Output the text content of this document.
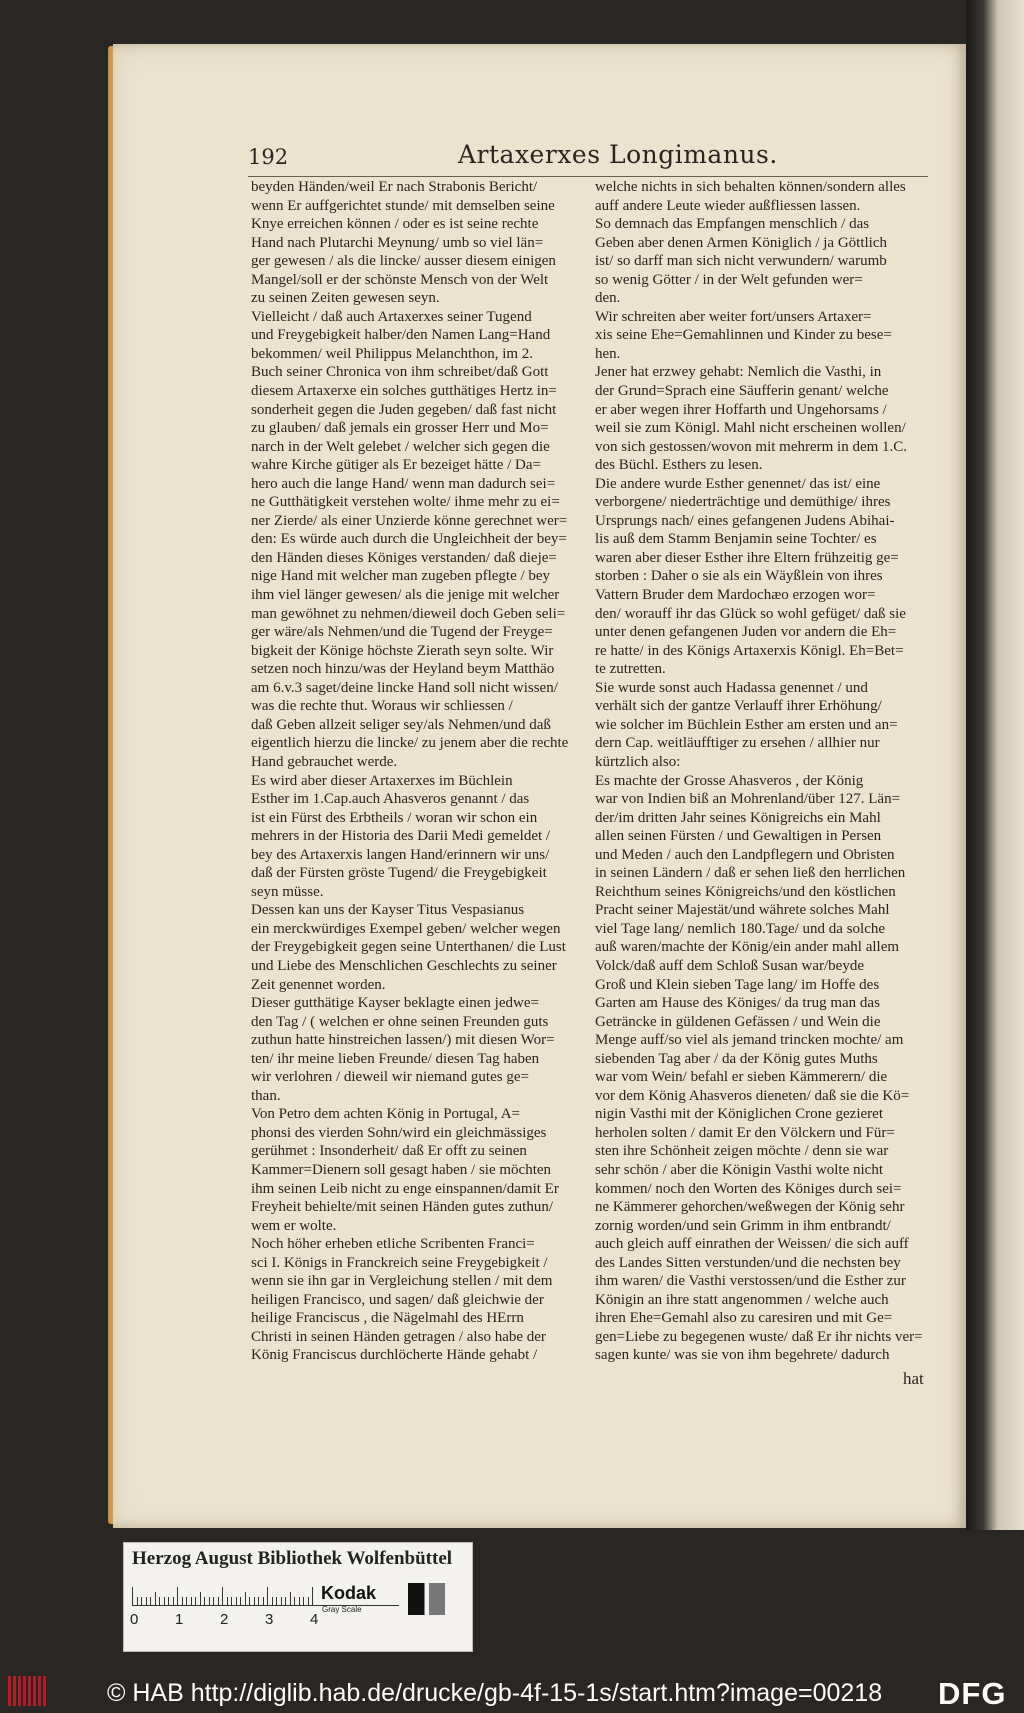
192	Artaxerxes Longimanus.
beyden Händen/weil Er nach Strabonis Bericht/
wenn Er auffgerichtet stunde/ mit demselben seine
Knye erreichen können / oder es ist seine rechte
Hand nach Plutarchi Meynung/ umb so viel län=
ger gewesen / als die lincke/ ausser diesem einigen
Mangel/soll er der schönste Mensch von der Welt
zu seinen Zeiten gewesen seyn.
Vielleicht / daß auch Artaxerxes seiner Tugend
und Freygebigkeit halber/den Namen Lang=Hand
bekommen/ weil Philippus Melanchthon, im 2.
Buch seiner Chronica von ihm schreibet/daß Gott
diesem Artaxerxe ein solches gutthätiges Hertz in=
sonderheit gegen die Juden gegeben/ daß fast nicht
zu glauben/ daß jemals ein grosser Herr und Mo=
narch in der Welt gelebet / welcher sich gegen die
wahre Kirche gütiger als Er bezeiget hätte / Da=
hero auch die lange Hand/ wenn man dadurch sei=
ne Gutthätigkeit verstehen wolte/ ihme mehr zu ei=
ner Zierde/ als einer Unzierde könne gerechnet wer=
den: Es würde auch durch die Ungleichheit der bey=
den Händen dieses Königes verstanden/ daß dieje=
nige Hand mit welcher man zugeben pflegte / bey
ihm viel länger gewesen/ als die jenige mit welcher
man gewöhnet zu nehmen/dieweil doch Geben seli=
ger wäre/als Nehmen/und die Tugend der Freyge=
bigkeit der Könige höchste Zierath seyn solte. Wir
setzen noch hinzu/was der Heyland beym Matthäo
am 6.v.3 saget/deine lincke Hand soll nicht wissen/
was die rechte thut. Woraus wir schliessen /
daß Geben allzeit seliger sey/als Nehmen/und daß
eigentlich hierzu die lincke/ zu jenem aber die rechte
Hand gebrauchet werde.
Es wird aber dieser Artaxerxes im Büchlein
Esther im 1.Cap.auch Ahasveros genannt / das
ist ein Fürst des Erbtheils / woran wir schon ein
mehrers in der Historia des Darii Medi gemeldet /
bey des Artaxerxis langen Hand/erinnern wir uns/
daß der Fürsten gröste Tugend/ die Freygebigkeit
seyn müsse.
Dessen kan uns der Kayser Titus Vespasianus
ein merckwürdiges Exempel geben/ welcher wegen
der Freygebigkeit gegen seine Unterthanen/ die Lust
und Liebe des Menschlichen Geschlechts zu seiner
Zeit genennet worden.
Dieser gutthätige Kayser beklagte einen jedwe=
den Tag / ( welchen er ohne seinen Freunden guts
zuthun hatte hinstreichen lassen/) mit diesen Wor=
ten/ ihr meine lieben Freunde/ diesen Tag haben
wir verlohren / dieweil wir niemand gutes ge=
than.
Von Petro dem achten König in Portugal, A=
phonsi des vierden Sohn/wird ein gleichmässiges
gerühmet : Insonderheit/ daß Er offt zu seinen
Kammer=Dienern soll gesagt haben / sie möchten
ihm seinen Leib nicht zu enge einspannen/damit Er
Freyheit behielte/mit seinen Händen gutes zuthun/
wem er wolte.
Noch höher erheben etliche Scribenten Franci=
sci I. Königs in Franckreich seine Freygebigkeit /
wenn sie ihn gar in Vergleichung stellen / mit dem
heiligen Francisco, und sagen/ daß gleichwie der
heilige Franciscus , die Nägelmahl des HErrn
Christi in seinen Händen getragen / also habe der
König Franciscus durchlöcherte Hände gehabt /
welche nichts in sich behalten können/sondern alles
auff andere Leute wieder außfliessen lassen.
So demnach das Empfangen menschlich / das
Geben aber denen Armen Königlich / ja Göttlich
ist/ so darff man sich nicht verwundern/ warumb
so wenig Götter / in der Welt gefunden wer=
den.
Wir schreiten aber weiter fort/unsers Artaxer=
xis seine Ehe=Gemahlinnen und Kinder zu bese=
hen.
Jener hat erzwey gehabt: Nemlich die Vasthi, in
der Grund=Sprach eine Säufferin genant/ welche
er aber wegen ihrer Hoffarth und Ungehorsams /
weil sie zum Königl. Mahl nicht erscheinen wollen/
von sich gestossen/wovon mit mehrerm in dem 1.C.
des Büchl. Esthers zu lesen.
Die andere wurde Esther genennet/ das ist/ eine
verborgene/ niederträchtige und demüthige/ ihres
Ursprungs nach/ eines gefangenen Judens Abihai-
lis auß dem Stamm Benjamin seine Tochter/ es
waren aber dieser Esther ihre Eltern frühzeitig ge=
storben : Daher o sie als ein Wäyßlein von ihres
Vattern Bruder dem Mardochæo erzogen wor=
den/ worauff ihr das Glück so wohl gefüget/ daß sie
unter denen gefangenen Juden vor andern die Eh=
re hatte/ in des Königs Artaxerxis Königl. Eh=Bet=
te zutretten.
Sie wurde sonst auch Hadassa genennet / und
verhält sich der gantze Verlauff ihrer Erhöhung/
wie solcher im Büchlein Esther am ersten und an=
dern Cap. weitläufftiger zu ersehen / allhier nur
kürtzlich also:
Es machte der Grosse Ahasveros , der König
war von Indien biß an Mohrenland/über 127. Län=
der/im dritten Jahr seines Königreichs ein Mahl
allen seinen Fürsten / und Gewaltigen in Persen
und Meden / auch den Landpflegern und Obristen
in seinen Ländern / daß er sehen ließ den herrlichen
Reichthum seines Königreichs/und den köstlichen
Pracht seiner Majestät/und währete solches Mahl
viel Tage lang/ nemlich 180.Tage/ und da solche
auß waren/machte der König/ein ander mahl allem
Volck/daß auff dem Schloß Susan war/beyde
Groß und Klein sieben Tage lang/ im Hoffe des
Garten am Hause des Königes/ da trug man das
Geträncke in güldenen Gefässen / und Wein die
Menge auff/so viel als jemand trincken mochte/ am
siebenden Tag aber / da der König gutes Muths
war vom Wein/ befahl er sieben Kämmerern/ die
vor dem König Ahasveros dieneten/ daß sie die Kö=
nigin Vasthi mit der Königlichen Crone gezieret
herholen solten / damit Er den Völckern und Für=
sten ihre Schönheit zeigen möchte / denn sie war
sehr schön / aber die Königin Vasthi wolte nicht
kommen/ noch den Worten des Königes durch sei=
ne Kämmerer gehorchen/weßwegen der König sehr
zornig worden/und sein Grimm in ihm entbrandt/
auch gleich auff einrathen der Weissen/ die sich auff
des Landes Sitten verstunden/und die nechsten bey
ihm waren/ die Vasthi verstossen/und die Esther zur
Königin an ihre statt angenommen / welche auch
ihren Ehe=Gemahl also zu caresiren und mit Ge=
gen=Liebe zu begegenen wuste/ daß Er ihr nichts ver=
sagen kunte/ was sie von ihm begehrete/ dadurch
hat
Herzog August Bibliothek Wolfenbüttel
0 1 2 3 4
Kodak
Gray Scale
© HAB http://diglib.hab.de/drucke/gb-4f-15-1s/start.htm?image=00218 DFG
